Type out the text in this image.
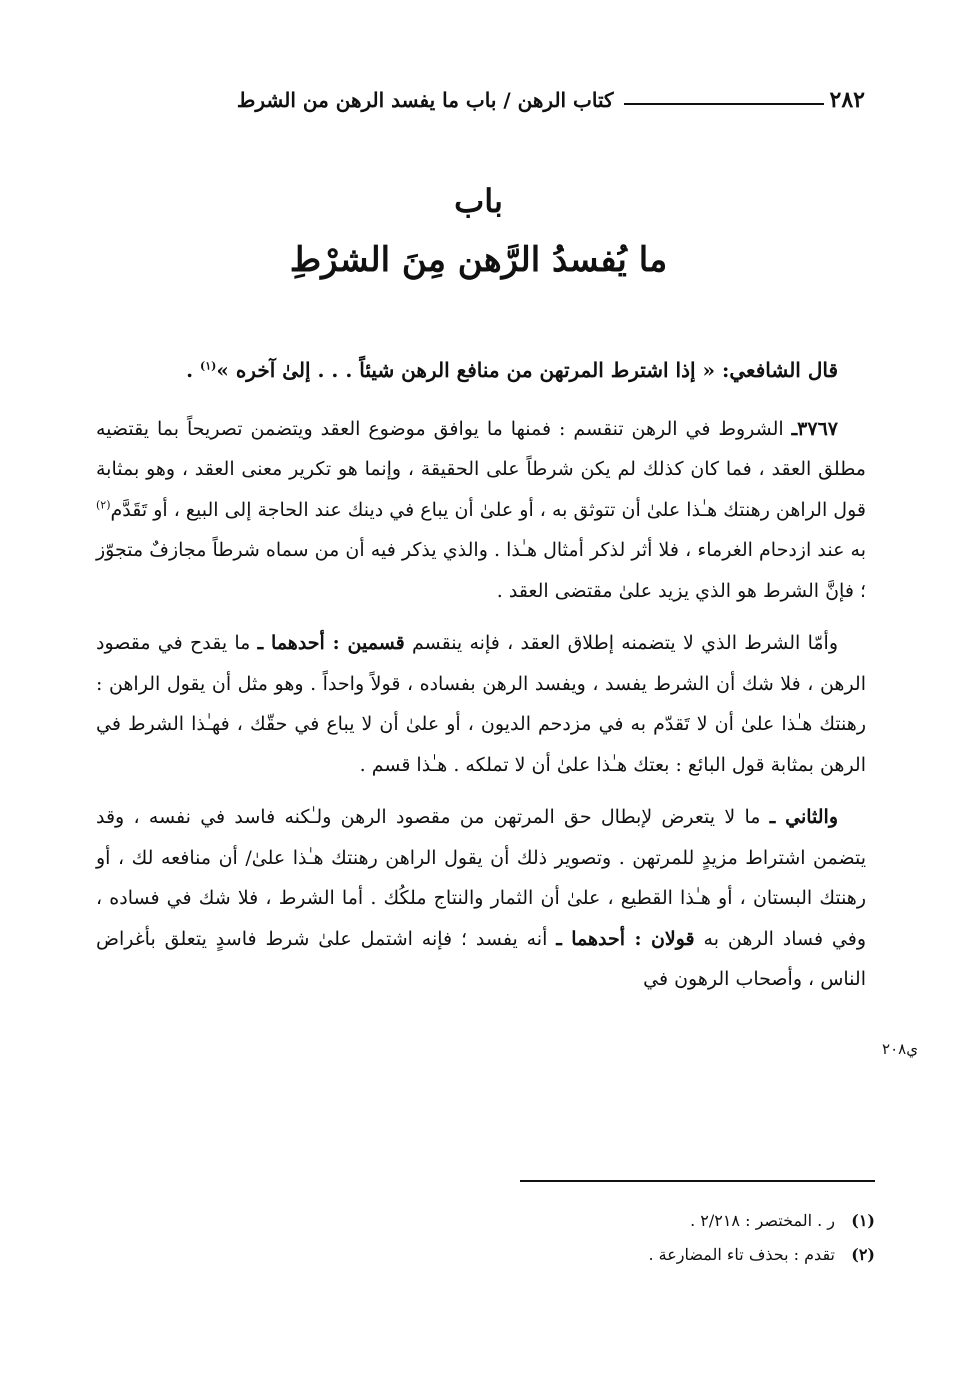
٢٨٢
كتاب الرهن / باب ما يفسد الرهن من الشرط
باب
ما يُفسدُ الرَّهن مِنَ الشرْطِ

قال الشافعي: « إذا اشترط المرتهن من منافع الرهن شيئاً . . . إلىٰ آخره »$^{(١)}$ .

٣٧٦٧ـ الشروط في الرهن تنقسم : فمنها ما يوافق موضوع العقد ويتضمن تصريحاً بما يقتضيه مطلق العقد ، فما كان كذلك لم يكن شرطاً على الحقيقة ، وإنما هو تكرير معنى العقد ، وهو بمثابة قول الراهن رهنتك هـٰذا علىٰ أن تتوثق به ، أو علىٰ أن يباع في دينك عند الحاجة إلى البيع ، أو تَقَدَّم$^{(٢)}$ به عند ازدحام الغرماء ، فلا أثر لذكر أمثال هـٰذا . والذي يذكر فيه أن من سماه شرطاً مجازفٌ متجوّز ؛ فإنَّ الشرط هو الذي يزيد علىٰ مقتضى العقد .

وأمّا الشرط الذي لا يتضمنه إطلاق العقد ، فإنه ينقسم قسمين : أحدهما ـ ما يقدح في مقصود الرهن ، فلا شك أن الشرط يفسد ، ويفسد الرهن بفساده ، قولاً واحداً . وهو مثل أن يقول الراهن : رهنتك هـٰذا علىٰ أن لا تَقدّم به في مزدحم الديون ، أو علىٰ أن لا يباع في حقّك ، فهـٰذا الشرط في الرهن بمثابة قول البائع : بعتك هـٰذا علىٰ أن لا تملكه . هـٰذا قسم .

والثاني ـ ما لا يتعرض لإبطال حق المرتهن من مقصود الرهن ولـٰكنه فاسد في نفسه ، وقد يتضمن اشتراط مزيدٍ للمرتهن . وتصوير ذلك أن يقول الراهن رهنتك هـٰذا علىٰ/ أن منافعه لك ، أو رهنتك البستان ، أو هـٰذا القطيع ، علىٰ أن الثمار والنتاج ملكُك . أما الشرط ، فلا شك في فساده ، وفي فساد الرهن به قولان : أحدهما ـ أنه يفسد ؛ فإنه اشتمل علىٰ شرط فاسدٍ يتعلق بأغراض الناس ، وأصحاب الرهون في

ي٢٠٨
(١)
ر . المختصر : ٢/٢١٨ .
(٢)
تقدم : بحذف تاء المضارعة .
